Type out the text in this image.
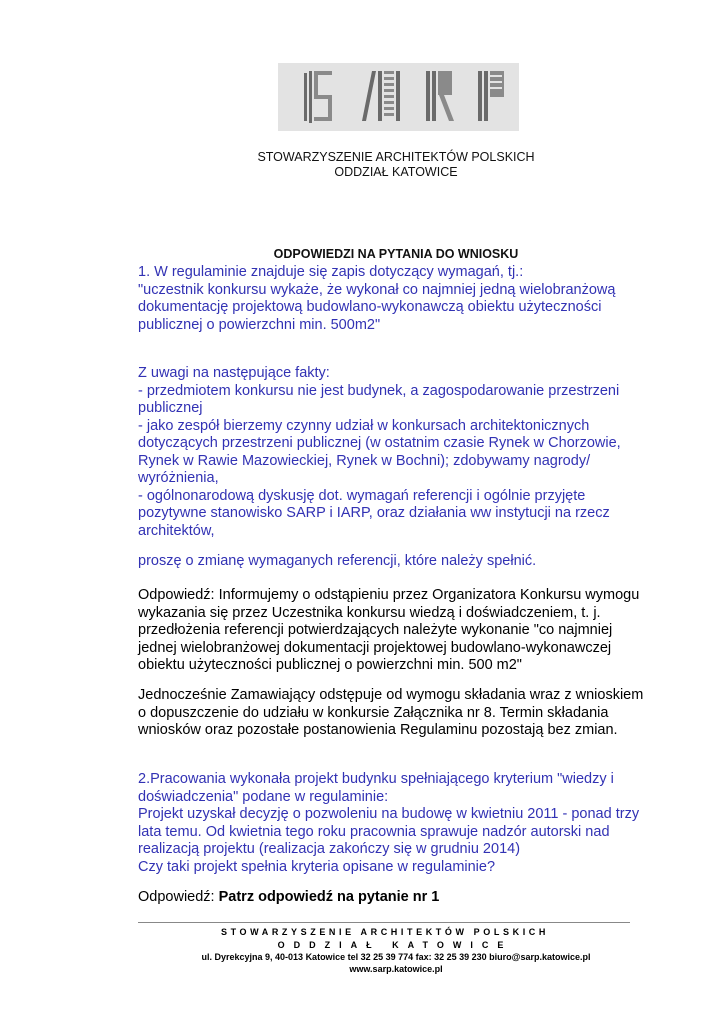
STOWARZYSZENIE ARCHITEKTÓW POLSKICH
ODDZIAŁ KATOWICE
ODPOWIEDZI NA PYTANIA DO WNIOSKU
1. W regulaminie znajduje się zapis dotyczący wymagań, tj.:
"uczestnik konkursu wykaże, że wykonał co najmniej jedną wielobranżową
dokumentację projektową budowlano-wykonawczą obiektu użyteczności
publicznej o powierzchni min. 500m2"
Z uwagi na następujące fakty:
- przedmiotem konkursu nie jest budynek, a zagospodarowanie przestrzeni
publicznej
- jako zespół bierzemy czynny udział w konkursach architektonicznych
dotyczących przestrzeni publicznej (w ostatnim czasie Rynek w Chorzowie,
Rynek w Rawie Mazowieckiej, Rynek w Bochni); zdobywamy nagrody/
wyróżnienia,
- ogólnonarodową dyskusję dot. wymagań referencji i ogólnie przyjęte
pozytywne stanowisko SARP i IARP, oraz działania ww instytucji na rzecz
architektów,
proszę o zmianę wymaganych referencji, które należy spełnić.
Odpowiedź: Informujemy o odstąpieniu przez Organizatora Konkursu wymogu
wykazania się przez Uczestnika konkursu wiedzą i doświadczeniem, t. j.
przedłożenia referencji potwierdzających należyte wykonanie "co najmniej
jednej wielobranżowej dokumentacji projektowej budowlano-wykonawczej
obiektu użyteczności publicznej o powierzchni min. 500 m2"
Jednocześnie Zamawiający odstępuje od wymogu składania wraz z wnioskiem
o dopuszczenie do udziału w konkursie Załącznika nr 8. Termin składania
wniosków oraz pozostałe postanowienia Regulaminu pozostają bez zmian.
2.Pracowania wykonała projekt budynku spełniającego kryterium "wiedzy i
doświadczenia" podane w regulaminie:
Projekt uzyskał decyzję o pozwoleniu na budowę w kwietniu 2011 - ponad trzy
lata temu. Od kwietnia tego roku pracownia sprawuje nadzór autorski nad
realizacją projektu (realizacja zakończy się w grudniu 2014)
Czy taki projekt spełnia kryteria opisane w regulaminie?
Odpowiedź: Patrz odpowiedź na pytanie nr 1
STOWARZYSZENIE ARCHITEKTÓW POLSKICH
ODDZIAŁ KATOWICE
ul. Dyrekcyjna 9, 40-013 Katowice tel 32 25 39 774 fax: 32 25 39 230 biuro@sarp.katowice.pl
www.sarp.katowice.pl
